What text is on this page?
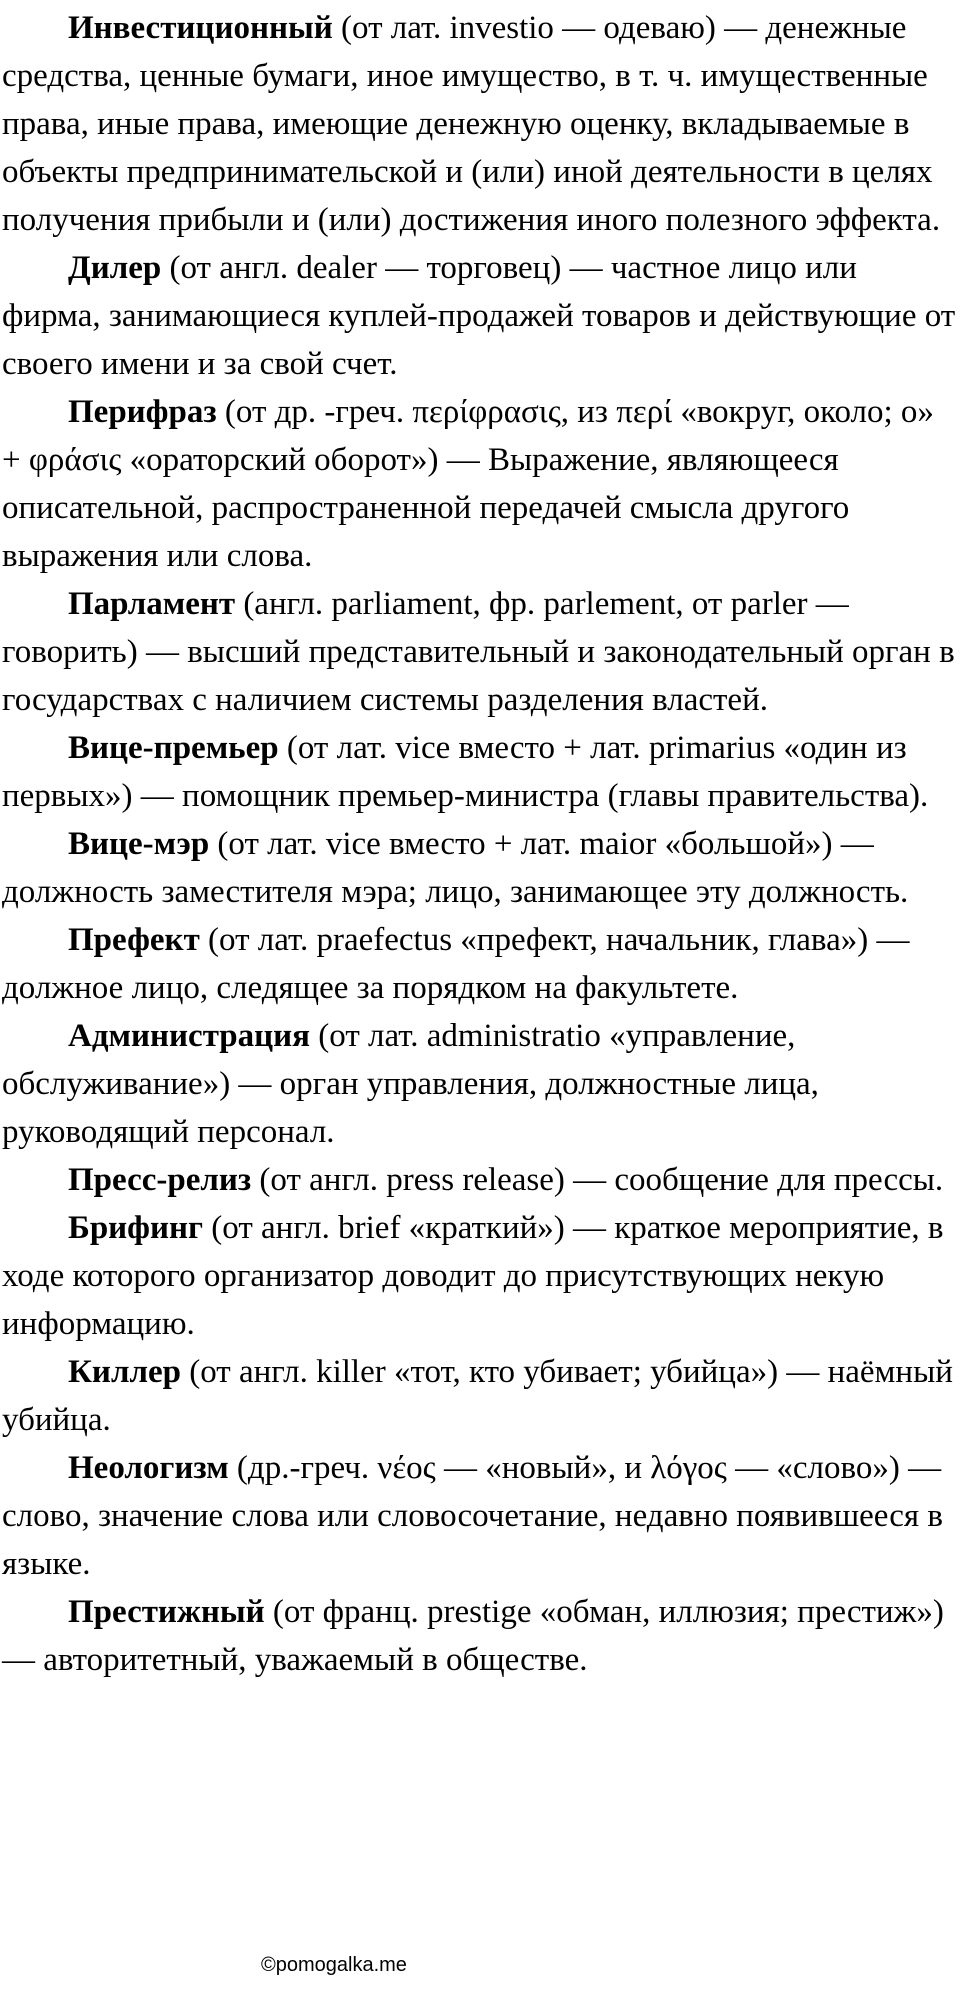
Инвестиционный (от лат. investio — одеваю) — денежные средства, ценные бумаги, иное имущество, в т. ч. имущественные права, иные права, имеющие денежную оценку, вкладываемые в объекты предпринимательской и (или) иной деятельности в целях получения прибыли и (или) достижения иного полезного эффекта.

Дилер (от англ. dealer — торговец) — частное лицо или фирма, занимающиеся куплей-продажей товаров и действующие от своего имени и за свой счет.

Перифраз (от др. -греч. περίφρασις, из περί «вокруг, около; о» + φράσις «ораторский оборот») — Выражение, являющееся описательной, распространенной передачей смысла другого выражения или слова.

Парламент (англ. parliament, фр. parlement, от parler — говорить) — высший представительный и законодательный орган в государствах с наличием системы разделения властей.

Вице-премьер (от лат. vice вместо + лат. primarius «один из первых») — помощник премьер-министра (главы правительства).

Вице-мэр (от лат. vice вместо + лат. maior «большой») — должность заместителя мэра; лицо, занимающее эту должность.

Префект (от лат. praefectus «префект, начальник, глава») — должное лицо, следящее за порядком на факультете.

Администрация (от лат. administratio «управление, обслуживание») — орган управления, должностные лица, руководящий персонал.

Пресс-релиз (от англ. press release) — сообщение для прессы.

Брифинг (от англ. brief «краткий») — краткое мероприятие, в ходе которого организатор доводит до присутствующих некую информацию.

Киллер (от англ. killer «тот, кто убивает; убийца») — наёмный убийца.

Неологизм (др.-греч. νέος — «новый», и λόγος — «слово») — слово, значение слова или словосочетание, недавно появившееся в языке.

Престижный (от франц. prestige «обман, иллюзия; престиж») — авторитетный, уважаемый в обществе.

©pomogalka.me
